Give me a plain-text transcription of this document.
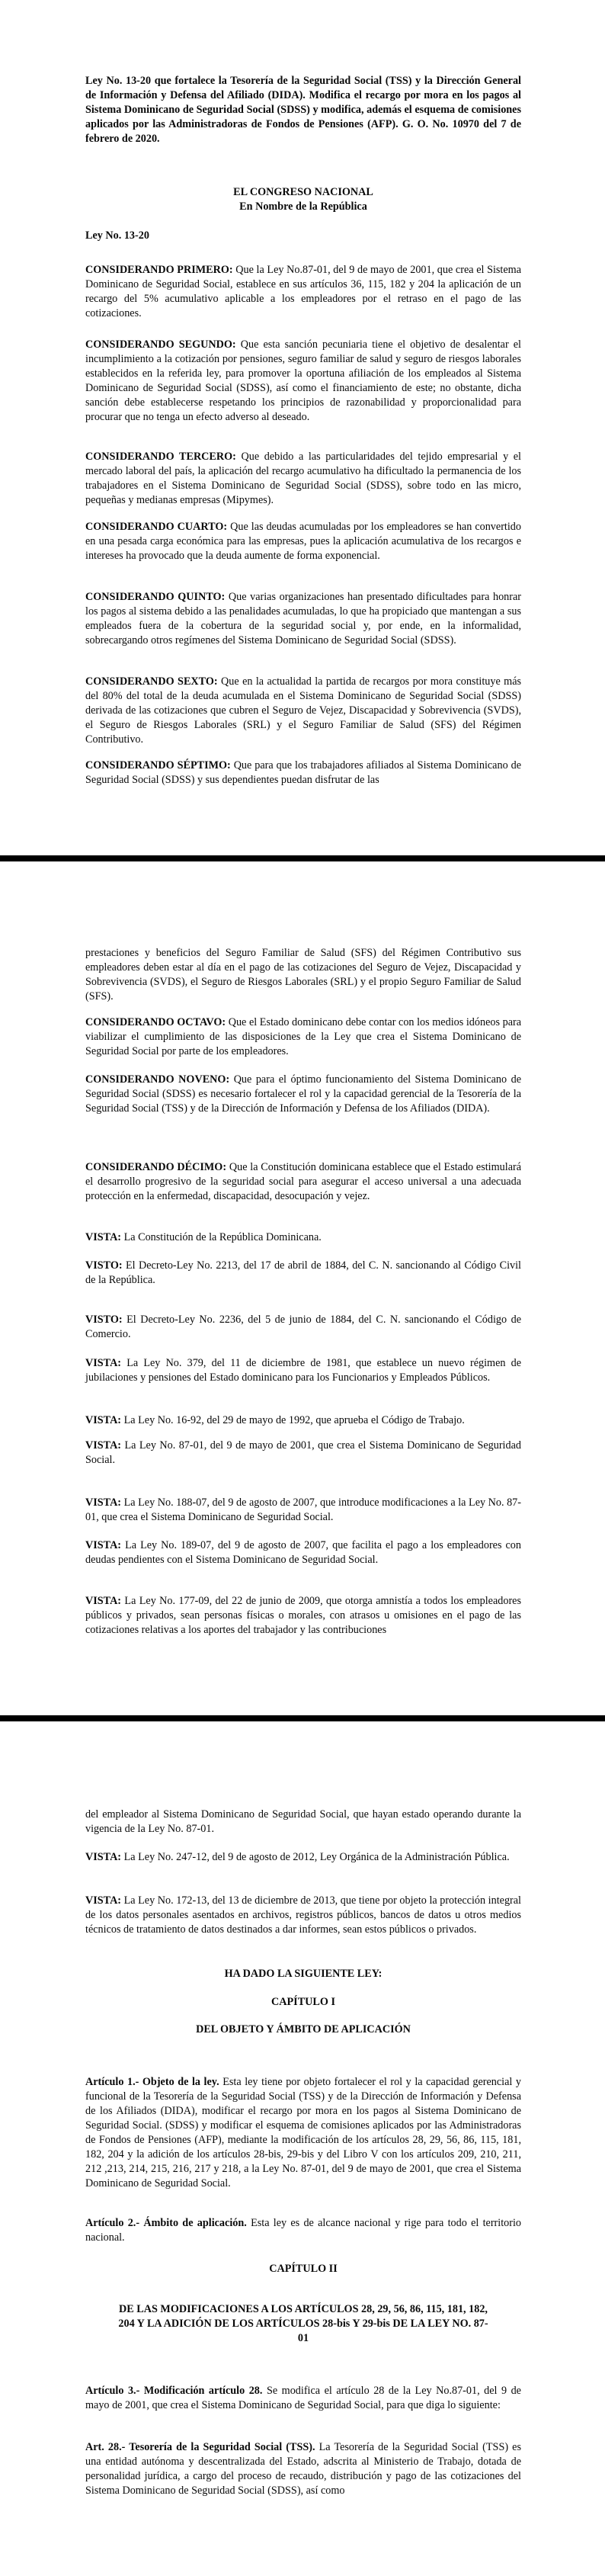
Ley No. 13-20 que fortalece la Tesorería de la Seguridad Social (TSS) y la Dirección General de Información y Defensa del Afiliado (DIDA). Modifica el recargo por mora en los pagos al Sistema Dominicano de Seguridad Social (SDSS) y modifica, además el esquema de comisiones aplicados por las Administradoras de Fondos de Pensiones (AFP). G. O. No. 10970 del 7 de febrero de 2020.
EL CONGRESO NACIONAL
En Nombre de la República
Ley No. 13-20

CONSIDERANDO PRIMERO: Que la Ley No.87-01, del 9 de mayo de 2001, que crea el Sistema Dominicano de Seguridad Social, establece en sus artículos 36, 115, 182 y 204 la aplicación de un recargo del 5% acumulativo aplicable a los empleadores por el retraso en el pago de las cotizaciones.

CONSIDERANDO SEGUNDO: Que esta sanción pecuniaria tiene el objetivo de desalentar el incumplimiento a la cotización por pensiones, seguro familiar de salud y seguro de riesgos laborales establecidos en la referida ley, para promover la oportuna afiliación de los empleados al Sistema Dominicano de Seguridad Social (SDSS), así como el financiamiento de este; no obstante, dicha sanción debe establecerse respetando los principios de razonabilidad y proporcionalidad para procurar que no tenga un efecto adverso al deseado.

CONSIDERANDO TERCERO: Que debido a las particularidades del tejido empresarial y el mercado laboral del país, la aplicación del recargo acumulativo ha dificultado la permanencia de los trabajadores en el Sistema Dominicano de Seguridad Social (SDSS), sobre todo en las micro, pequeñas y medianas empresas (Mipymes).

CONSIDERANDO CUARTO: Que las deudas acumuladas por los empleadores se han convertido en una pesada carga económica para las empresas, pues la aplicación acumulativa de los recargos e intereses ha provocado que la deuda aumente de forma exponencial.

CONSIDERANDO QUINTO: Que varias organizaciones han presentado dificultades para honrar los pagos al sistema debido a las penalidades acumuladas, lo que ha propiciado que mantengan a sus empleados fuera de la cobertura de la seguridad social y, por ende, en la informalidad, sobrecargando otros regímenes del Sistema Dominicano de Seguridad Social (SDSS).

CONSIDERANDO SEXTO: Que en la actualidad la partida de recargos por mora constituye más del 80% del total de la deuda acumulada en el Sistema Dominicano de Seguridad Social (SDSS) derivada de las cotizaciones que cubren el Seguro de Vejez, Discapacidad y Sobrevivencia (SVDS), el Seguro de Riesgos Laborales (SRL) y el Seguro Familiar de Salud (SFS) del Régimen Contributivo.

CONSIDERANDO SÉPTIMO: Que para que los trabajadores afiliados al Sistema Dominicano de Seguridad Social (SDSS) y sus dependientes puedan disfrutar de las

prestaciones y beneficios del Seguro Familiar de Salud (SFS) del Régimen Contributivo sus empleadores deben estar al día en el pago de las cotizaciones del Seguro de Vejez, Discapacidad y Sobrevivencia (SVDS), el Seguro de Riesgos Laborales (SRL) y el propio Seguro Familiar de Salud (SFS).

CONSIDERANDO OCTAVO: Que el Estado dominicano debe contar con los medios idóneos para viabilizar el cumplimiento de las disposiciones de la Ley que crea el Sistema Dominicano de Seguridad Social por parte de los empleadores.

CONSIDERANDO NOVENO: Que para el óptimo funcionamiento del Sistema Dominicano de Seguridad Social (SDSS) es necesario fortalecer el rol y la capacidad gerencial de la Tesorería de la Seguridad Social (TSS) y de la Dirección de Información y Defensa de los Afiliados (DIDA).

CONSIDERANDO DÉCIMO: Que la Constitución dominicana establece que el Estado estimulará el desarrollo progresivo de la seguridad social para asegurar el acceso universal a una adecuada protección en la enfermedad, discapacidad, desocupación y vejez.

VISTA: La Constitución de la República Dominicana.

VISTO: El Decreto-Ley No. 2213, del 17 de abril de 1884, del C. N. sancionando al Código Civil de la República.

VISTO: El Decreto-Ley No. 2236, del 5 de junio de 1884, del C. N. sancionando el Código de Comercio.

VISTA: La Ley No. 379, del 11 de diciembre de 1981, que establece un nuevo régimen de jubilaciones y pensiones del Estado dominicano para los Funcionarios y Empleados Públicos.

VISTA: La Ley No. 16-92, del 29 de mayo de 1992, que aprueba el Código de Trabajo.

VISTA: La Ley No. 87-01, del 9 de mayo de 2001, que crea el Sistema Dominicano de Seguridad Social.

VISTA: La Ley No. 188-07, del 9 de agosto de 2007, que introduce modificaciones a la Ley No. 87-01, que crea el Sistema Dominicano de Seguridad Social.

VISTA: La Ley No. 189-07, del 9 de agosto de 2007, que facilita el pago a los empleadores con deudas pendientes con el Sistema Dominicano de Seguridad Social.

VISTA: La Ley No. 177-09, del 22 de junio de 2009, que otorga amnistía a todos los empleadores públicos y privados, sean personas físicas o morales, con atrasos u omisiones en el pago de las cotizaciones relativas a los aportes del trabajador y las contribuciones

del empleador al Sistema Dominicano de Seguridad Social, que hayan estado operando durante la vigencia de la Ley No. 87-01.

VISTA: La Ley No. 247-12, del 9 de agosto de 2012, Ley Orgánica de la Administración Pública.

VISTA: La Ley No. 172-13, del 13 de diciembre de 2013, que tiene por objeto la protección integral de los datos personales asentados en archivos, registros públicos, bancos de datos u otros medios técnicos de tratamiento de datos destinados a dar informes, sean estos públicos o privados.

HA DADO LA SIGUIENTE LEY:
CAPÍTULO I
DEL OBJETO Y ÁMBITO DE APLICACIÓN

Artículo 1.- Objeto de la ley. Esta ley tiene por objeto fortalecer el rol y la capacidad gerencial y funcional de la Tesorería de la Seguridad Social (TSS) y de la Dirección de Información y Defensa de los Afiliados (DIDA), modificar el recargo por mora en los pagos al Sistema Dominicano de Seguridad Social. (SDSS) y modificar el esquema de comisiones aplicados por las Administradoras de Fondos de Pensiones (AFP), mediante la modificación de los artículos 28, 29, 56, 86, 115, 181, 182, 204 y la adición de los artículos 28-bis, 29-bis y del Libro V con los artículos 209, 210, 211, 212 ,213, 214, 215, 216, 217 y 218, a la Ley No. 87-01, del 9 de mayo de 2001, que crea el Sistema Dominicano de Seguridad Social.

Artículo 2.- Ámbito de aplicación. Esta ley es de alcance nacional y rige para todo el territorio nacional.

CAPÍTULO II
DE LAS MODIFICACIONES A LOS ARTÍCULOS 28, 29, 56, 86, 115, 181, 182,
204 Y LA ADICIÓN DE LOS ARTÍCULOS 28-bis Y 29-bis DE LA LEY NO. 87-
01

Artículo 3.- Modificación artículo 28. Se modifica el artículo 28 de la Ley No.87-01, del 9 de mayo de 2001, que crea el Sistema Dominicano de Seguridad Social, para que diga lo siguiente:

Art. 28.- Tesorería de la Seguridad Social (TSS). La Tesorería de la Seguridad Social (TSS) es una entidad autónoma y descentralizada del Estado, adscrita al Ministerio de Trabajo, dotada de personalidad jurídica, a cargo del proceso de recaudo, distribución y pago de las cotizaciones del Sistema Dominicano de Seguridad Social (SDSS), así como
